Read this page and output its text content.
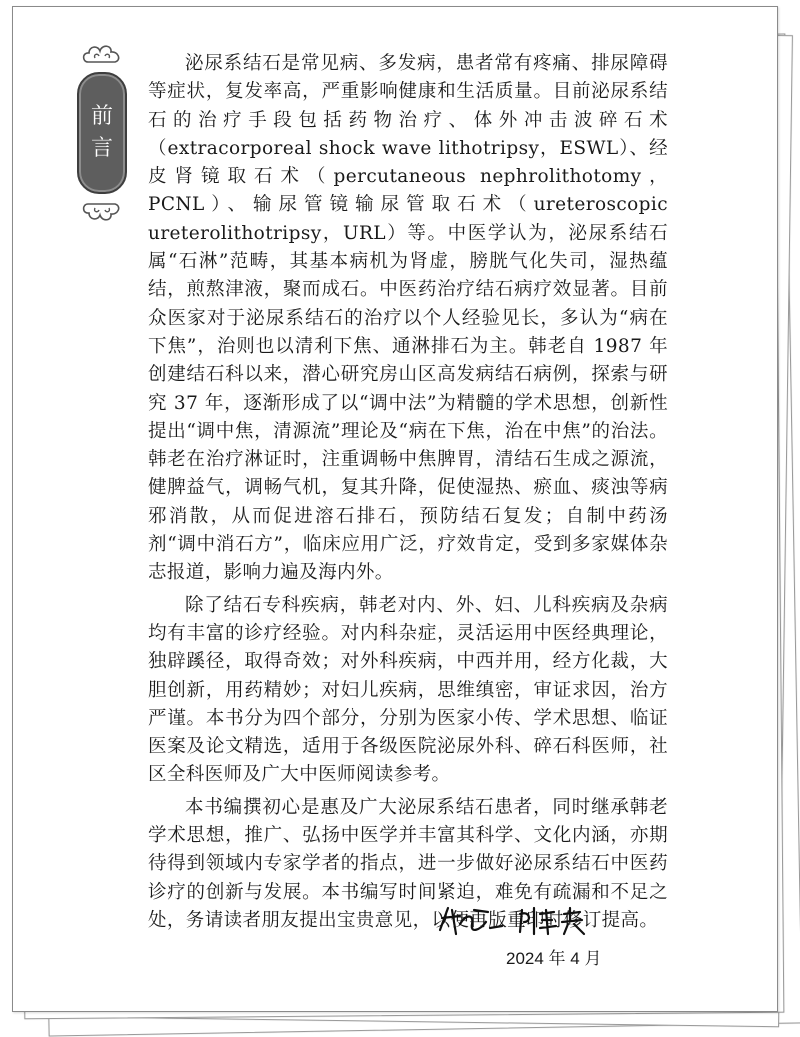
前
言

泌尿系结石是常见病、多发病，患者常有疼痛、排尿障碍等症状，复发率高，严重影响健康和生活质量。目前泌尿系结石的治疗手段包括药物治疗、体外冲击波碎石术（extracorporeal shock wave lithotripsy，ESWL）、经皮肾镜取石术（percutaneous nephrolithotomy，PCNL）、输尿管镜输尿管取石术（ureteroscopic ureterolithotripsy，URL）等。中医学认为，泌尿系结石属“石淋”范畴，其基本病机为肾虚，膀胱气化失司，湿热蕴结，煎熬津液，聚而成石。中医药治疗结石病疗效显著。目前众医家对于泌尿系结石的治疗以个人经验见长，多认为“病在下焦”，治则也以清利下焦、通淋排石为主。韩老自 1987 年创建结石科以来，潜心研究房山区高发病结石病例，探索与研究 37 年，逐渐形成了以“调中法”为精髓的学术思想，创新性提出“调中焦，清源流”理论及“病在下焦，治在中焦”的治法。韩老在治疗淋证时，注重调畅中焦脾胃，清结石生成之源流，健脾益气，调畅气机，复其升降，促使湿热、瘀血、痰浊等病邪消散，从而促进溶石排石，预防结石复发；自制中药汤剂“调中消石方”，临床应用广泛，疗效肯定，受到多家媒体杂志报道，影响力遍及海内外。

除了结石专科疾病，韩老对内、外、妇、儿科疾病及杂病均有丰富的诊疗经验。对内科杂症，灵活运用中医经典理论，独辟蹊径，取得奇效；对外科疾病，中西并用，经方化裁，大胆创新，用药精妙；对妇儿疾病，思维缜密，审证求因，治方严谨。本书分为四个部分，分别为医家小传、学术思想、临证医案及论文精选，适用于各级医院泌尿外科、碎石科医师，社区全科医师及广大中医师阅读参考。

本书编撰初心是惠及广大泌尿系结石患者，同时继承韩老学术思想，推广、弘扬中医学并丰富其科学、文化内涵，亦期待得到领域内专家学者的指点，进一步做好泌尿系结石中医药诊疗的创新与发展。本书编写时间紧迫，难免有疏漏和不足之处，务请读者朋友提出宝贵意见，以便再版重印时修订提高。

2024 年 4 月
